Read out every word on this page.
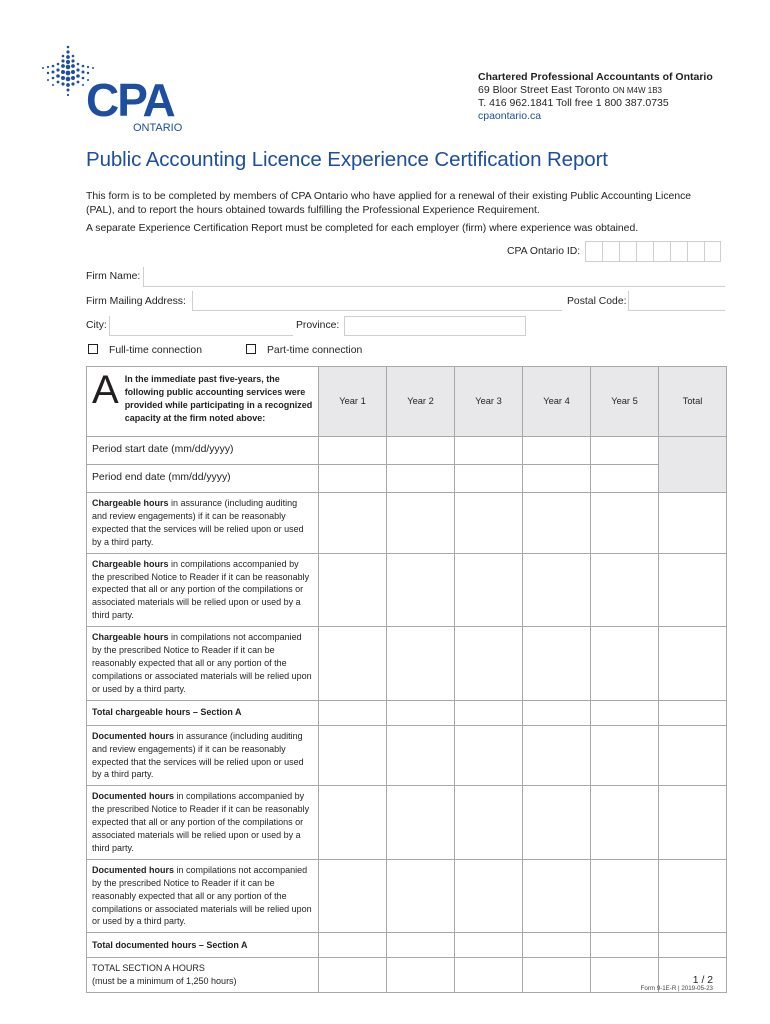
CPA
ONTARIO
Chartered Professional Accountants of Ontario
69 Bloor Street East Toronto ON M4W 1B3
T. 416 962.1841 Toll free 1 800 387.0735
cpaontario.ca
Public Accounting Licence Experience Certification Report

This form is to be completed by members of CPA Ontario who have applied for a renewal of their existing Public Accounting Licence (PAL), and to report the hours obtained towards fulfilling the Professional Experience Requirement.

A separate Experience Certification Report must be completed for each employer (firm) where experience was obtained.

CPA Ontario ID:
Firm Name:
Firm Mailing Address:	Postal Code:
City:	Province:
Full-time connection	Part-time connection
A In the immediate past five-years, the following public accounting services were provided while participating in a recognized capacity at the firm noted above:	Year 1	Year 2	Year 3	Year 4	Year 5	Total
Period start date (mm/dd/yyyy)						
Period end date (mm/dd/yyyy)						
Chargeable hours in assurance (including auditing and review engagements) if it can be reasonably expected that the services will be relied upon or used by a third party.						
Chargeable hours in compilations accompanied by the prescribed Notice to Reader if it can be reasonably expected that all or any portion of the compilations or associated materials will be relied upon or used by a third party.						
Chargeable hours in compilations not accompanied by the prescribed Notice to Reader if it can be reasonably expected that all or any portion of the compilations or associated materials will be relied upon or used by a third party.						
Total chargeable hours – Section A						
Documented hours in assurance (including auditing and review engagements) if it can be reasonably expected that the services will be relied upon or used by a third party.						
Documented hours in compilations accompanied by the prescribed Notice to Reader if it can be reasonably expected that all or any portion of the compilations or associated materials will be relied upon or used by a third party.						
Documented hours in compilations not accompanied by the prescribed Notice to Reader if it can be reasonably expected that all or any portion of the compilations or associated materials will be relied upon or used by a third party.						
Total documented hours – Section A						

TOTAL SECTION A HOURS
(must be a minimum of 1,250 hours)						
							1 / 2
Form 9-1E-R | 2019-05-23
